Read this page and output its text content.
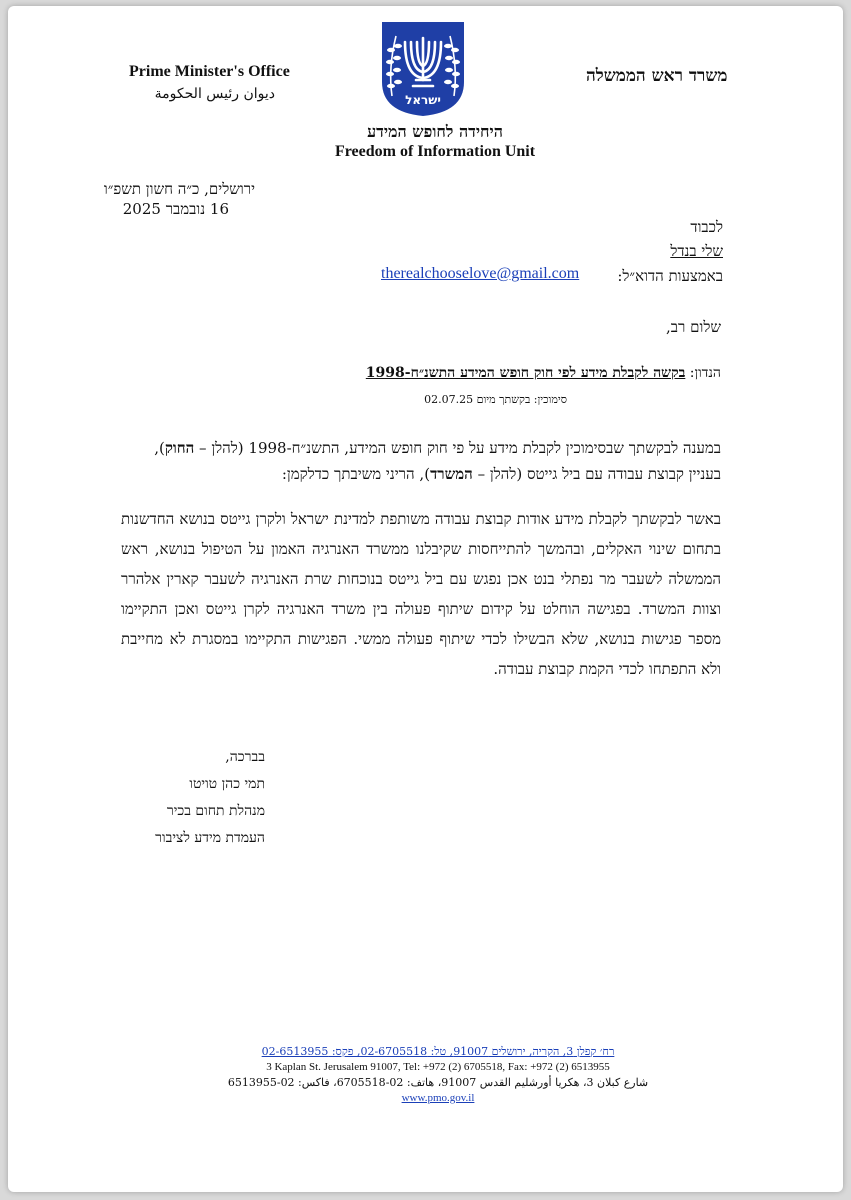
Prime Minister's Office
ديوان رئيس الحكومة
משרד ראש הממשלה
ישראל
היחידה לחופש המידע
Freedom of Information Unit
ירושלים, כ״ה חשון תשפ״ו
16 נובמבר 2025
לכבוד
שלי בנדל
באמצעות הדוא״ל:
therealchooselove@gmail.com
שלום רב,
הנדון: בקשה לקבלת מידע לפי חוק חופש המידע התשנ״ח-1998
סימוכין: בקשתך מיום 02.07.25
במענה לבקשתך שבסימוכין לקבלת מידע על פי חוק חופש המידע, התשנ״ח-1998 (להלן – החוק), בעניין קבוצת עבודה עם ביל גייטס (להלן – המשרד), הריני משיבתך כדלקמן:
באשר לבקשתך לקבלת מידע אודות קבוצת עבודה משותפת למדינת ישראל ולקרן גייטס בנושא החדשנות בתחום שינוי האקלים, ובהמשך להתייחסות שקיבלנו ממשרד האנרגיה האמון על הטיפול בנושא, ראש הממשלה לשעבר מר נפתלי בנט אכן נפגש עם ביל גייטס בנוכחות שרת האנרגיה לשעבר קארין אלהרר וצוות המשרד. בפגישה הוחלט על קידום שיתוף פעולה בין משרד האנרגיה לקרן גייטס ואכן התקיימו מספר פגישות בנושא, שלא הבשילו לכדי שיתוף פעולה ממשי. הפגישות התקיימו במסגרת לא מחייבת ולא התפתחו לכדי הקמת קבוצת עבודה.
בברכה,
תמי כהן טויטו
מנהלת תחום בכיר
העמדת מידע לציבור
רח׳ קפלן 3, הקריה, ירושלים 91007, טל: 02-6705518, פקס: 02-6513955
3 Kaplan St. Jerusalem 91007, Tel: +972 (2) 6705518, Fax: +972 (2) 6513955
شارع كبلان 3، هكريا أورشليم القدس 91007، هاتف: 02-6705518، فاكس: 02-6513955
www.pmo.gov.il
